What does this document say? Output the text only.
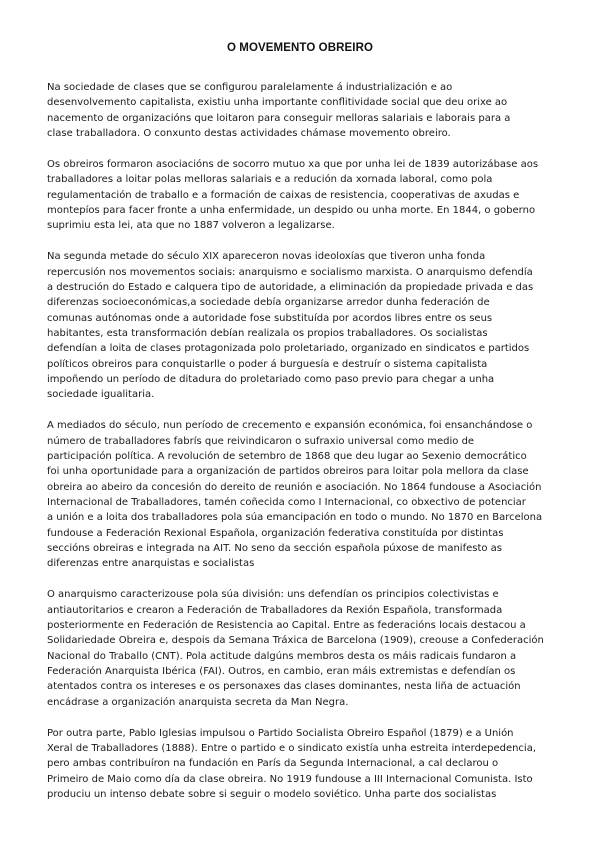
O MOVEMENTO OBREIRO

Na sociedade de clases que se configurou paralelamente á industrialización e ao
desenvolvemento capitalista, existiu unha importante conflitividade social que deu orixe ao
nacemento de organizacións que loitaron para conseguir melloras salariais e laborais para a
clase traballadora. O conxunto destas actividades chámase movemento obreiro.

Os obreiros formaron asociacións de socorro mutuo xa que por unha lei de 1839 autorizábase aos
traballadores a loitar polas melloras salariais e a redución da xornada laboral, como pola
regulamentación de traballo e a formación de caixas de resistencia, cooperativas de axudas e
montepíos para facer fronte a unha enfermidade, un despido ou unha morte. En 1844, o goberno
suprimiu esta lei, ata que no 1887 volveron a legalizarse.

Na segunda metade do século XIX apareceron novas ideoloxías que tiveron unha fonda
repercusión nos movementos sociais: anarquismo e socialismo marxista. O anarquismo defendía
a destrución do Estado e calquera tipo de autoridade, a eliminación da propiedade privada e das
diferenzas socioeconómicas,a sociedade debía organizarse arredor dunha federación de
comunas autónomas onde a autoridade fose substituída por acordos libres entre os seus
habitantes, esta transformación debían realizala os propios traballadores. Os socialistas
defendían a loita de clases protagonizada polo proletariado, organizado en sindicatos e partidos
políticos obreiros para conquistarlle o poder á burguesía e destruír o sistema capitalista
impoñendo un período de ditadura do proletariado como paso previo para chegar a unha
sociedade igualitaria.

A mediados do século, nun período de crecemento e expansión económica, foi ensanchándose o
número de traballadores fabrís que reivindicaron o sufraxio universal como medio de
participación política. A revolución de setembro de 1868 que deu lugar ao Sexenio democrático
foi unha oportunidade para a organización de partidos obreiros para loitar pola mellora da clase
obreira ao abeiro da concesión do dereito de reunión e asociación. No 1864 fundouse a Asociación
Internacional de Traballadores, tamén coñecida como I Internacional, co obxectivo de potenciar
a unión e a loita dos traballadores pola súa emancipación en todo o mundo. No 1870 en Barcelona
fundouse a Federación Rexional Española, organización federativa constituída por distintas
seccións obreiras e integrada na AIT. No seno da sección española púxose de manifesto as
diferenzas entre anarquistas e socialistas

O anarquismo caracterizouse pola súa división: uns defendían os principios colectivistas e
antiautoritarios e crearon a Federación de Traballadores da Rexión Española, transformada
posteriormente en Federación de Resistencia ao Capital. Entre as federacións locais destacou a
Solidariedade Obreira e, despois da Semana Tráxica de Barcelona (1909), creouse a Confederación
Nacional do Traballo (CNT). Pola actitude dalgúns membros desta os máis radicais fundaron a
Federación Anarquista Ibérica (FAI). Outros, en cambio, eran máis extremistas e defendían os
atentados contra os intereses e os personaxes das clases dominantes, nesta liña de actuación
encádrase a organización anarquista secreta da Man Negra.

Por outra parte, Pablo Iglesias impulsou o Partido Socialista Obreiro Español (1879) e a Unión
Xeral de Traballadores (1888). Entre o partido e o sindicato existía unha estreita interdepedencia,
pero ambas contribuíron na fundación en París da Segunda Internacional, a cal declarou o
Primeiro de Maio como día da clase obreira. No 1919 fundouse a III Internacional Comunista. Isto
produciu un intenso debate sobre si seguir o modelo soviético. Unha parte dos socialistas
